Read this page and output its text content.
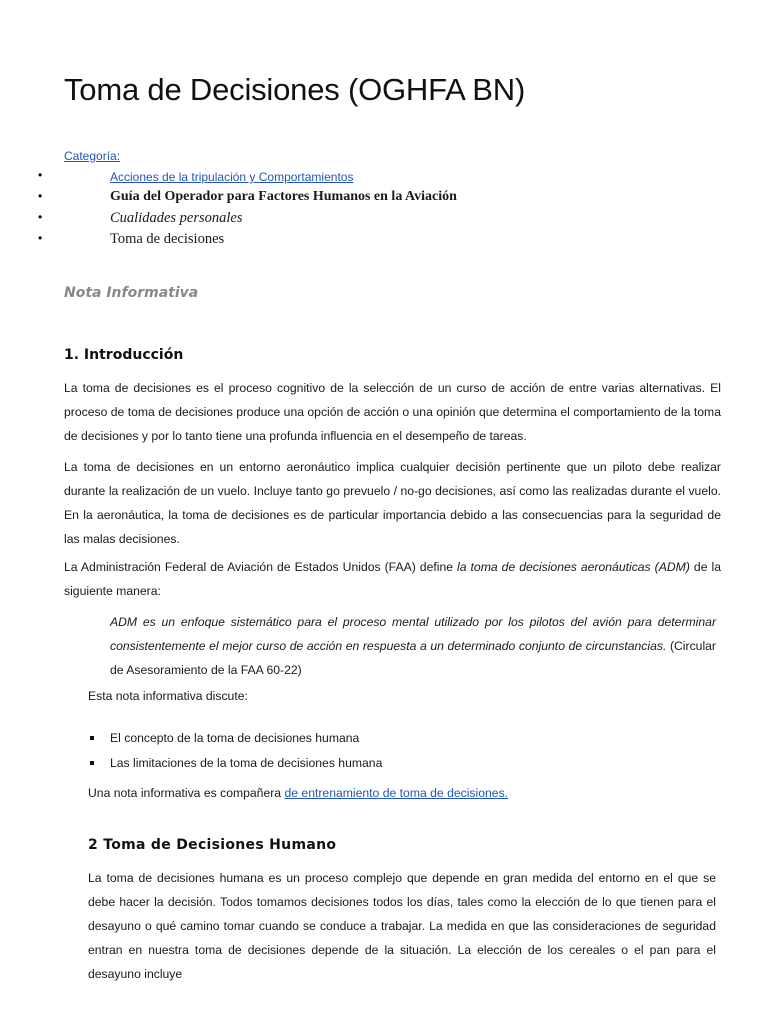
Toma de Decisiones (OGHFA BN)
Categoría:
•	Acciones de la tripulación y Comportamientos
•	Guía del Operador para Factores Humanos en la Aviación
•	Cualidades personales
•	Toma de decisiones
Nota Informativa
1. Introducción

La toma de decisiones es el proceso cognitivo de la selección de un curso de acción de entre varias alternativas. El proceso de toma de decisiones produce una opción de acción o una opinión que determina el comportamiento de la toma de decisiones y por lo tanto tiene una profunda influencia en el desempeño de tareas.

La toma de decisiones en un entorno aeronáutico implica cualquier decisión pertinente que un piloto debe realizar durante la realización de un vuelo. Incluye tanto go prevuelo / no-go decisiones, así como las realizadas durante el vuelo. En la aeronáutica, la toma de decisiones es de particular importancia debido a las consecuencias para la seguridad de las malas decisiones.

La Administración Federal de Aviación de Estados Unidos (FAA) define la toma de decisiones aeronáuticas (ADM) de la siguiente manera:

ADM es un enfoque sistemático para el proceso mental utilizado por los pilotos del avión para determinar consistentemente el mejor curso de acción en respuesta a un determinado conjunto de circunstancias. (Circular de Asesoramiento de la FAA 60-22)

Esta nota informativa discute:

El concepto de la toma de decisiones humana
Las limitaciones de la toma de decisiones humana

Una nota informativa es compañera de entrenamiento de toma de decisiones.

2 Toma de Decisiones Humano

La toma de decisiones humana es un proceso complejo que depende en gran medida del entorno en el que se debe hacer la decisión. Todos tomamos decisiones todos los días, tales como la elección de lo que tienen para el desayuno o qué camino tomar cuando se conduce a trabajar. La medida en que las consideraciones de seguridad entran en nuestra toma de decisiones depende de la situación. La elección de los cereales o el pan para el desayuno incluye
